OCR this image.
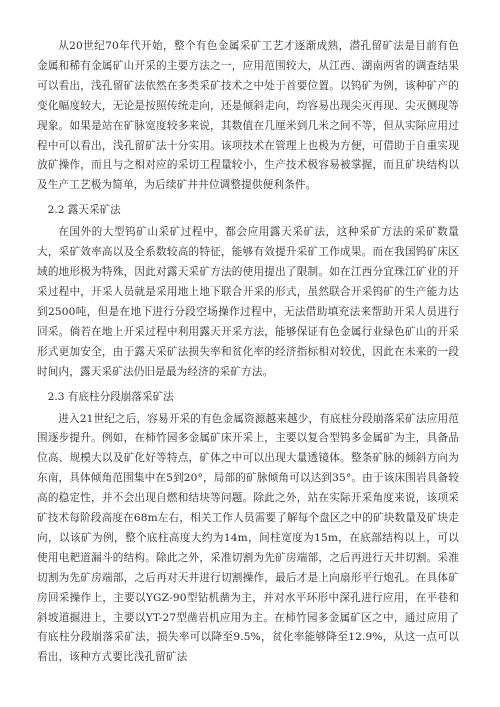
从20世纪70年代开始，整个有色金属采矿工艺才逐渐成熟，潜孔留矿法是目前有色金属和稀有金属矿山开采的主要方法之一，应用范围较大，从江西、湖南两省的调查结果可以看出，浅孔留矿法依然在多类采矿技术之中处于首要位置。以钨矿为例，该种矿产的变化幅度较大，无论是按照传统走向，还是倾斜走向，均容易出现尖灭再现、尖灭侧现等现象。如果是站在矿脉宽度较多来说，其数值在几厘米到几米之间不等，但从实际应用过程中可以看出，浅孔留矿法十分实用。该项技术在管理上也极为方便，可借助于自重实现放矿操作，而且与之相对应的采切工程量较小，生产技术极容易被掌握，而且矿块结构以及生产工艺极为简单，为后续矿井井位调整提供便利条件。

2.2 露天采矿法

在国外的大型钨矿山采矿过程中，都会应用露天采矿法，这种采矿方法的采矿数量大，采矿效率高以及全系数较高的特征，能够有效提升采矿工作成果。而在我国钨矿床区域的地形极为特殊，因此对露天采矿方法的使用提出了限制。如在江西分宜珠江矿业的开采过程中，开采人员就是采用地上地下联合开采的形式，虽然联合开采钨矿的生产能力达到2500吨，但是在地下进行分段空场操作过程中，无法借助填充法来帮助开采人员进行回采。倘若在地上开采过程中利用露天开采方法，能够保证有色金属行业绿色矿山的开采形式更加安全，由于露天采矿法损失率和贫化率的经济指标相对较优，因此在未来的一段时间内，露天采矿法仍旧是最为经济的采矿方法。

2.3 有底柱分段崩落采矿法

进入21世纪之后，容易开采的有色金属资源越来越少，有底柱分段崩落采矿法应用范围逐步提升。例如，在柿竹园多金属矿床开采上，主要以复合型钨多金属矿为主，具备品位高、规模大以及矿化好等特点，矿体之中可以出现大量透镜体。整条矿脉的倾斜方向为东南，具体倾角范围集中在5到20°，局部的矿脉倾角可以达到35°。由于该床围岩具备较高的稳定性，并不会出现自燃和结块等问题。除此之外，站在实际开采角度来说，该项采矿技术每阶段高度在68m左右，相关工作人员需要了解每个盘区之中的矿块数量及矿块走向，以该矿为例，整个底柱高度大约为14m，间柱宽度为15m，在底部结构以上，可以使用电耙道漏斗的结构。除此之外，采准切割为先矿房端部，之后再进行天井切割。采准切割为先矿房端部，之后再对天井进行切割操作，最后才是上向扇形平行炮孔。在具体矿房回采操作上，主要以YGZ-90型钻机凿为主，并对水平环形中深孔进行应用，在平巷和斜坡道掘进上，主要以YT-27型凿岩机应用为主。在柿竹园多金属矿区之中，通过应用了有底柱分段崩落采矿法，损失率可以降至9.5%，贫化率能够降至12.9%，从这一点可以看出，该种方式要比浅孔留矿法
